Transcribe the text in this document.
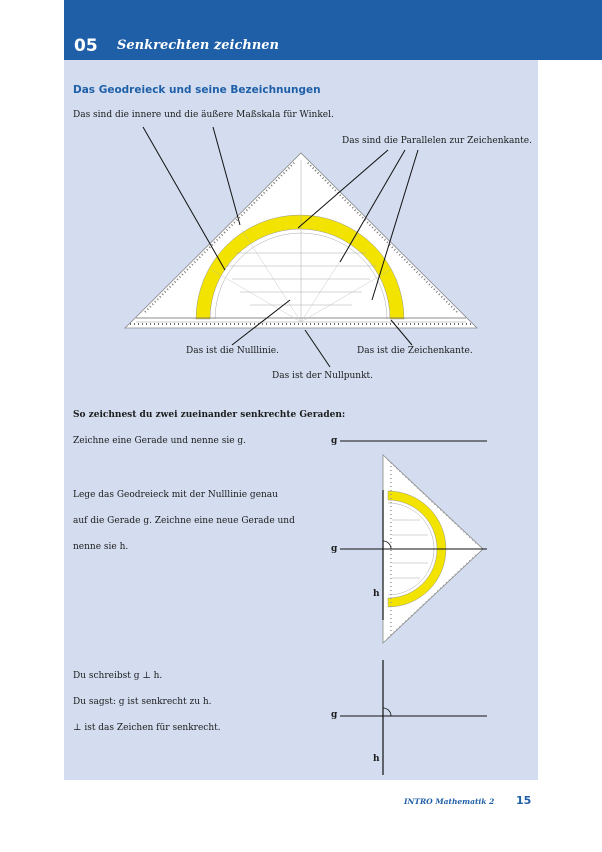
05 Senkrechten zeichnen
Das Geodreieck und seine Bezeichnungen
Das sind die innere und die äußere Maßskala für Winkel.
Das sind die Parallelen zur Zeichenkante.
Das ist die Nulllinie.	Das ist die Zeichenkante.
Das ist der Nullpunkt.
So zeichnest du zwei zueinander senkrechte Geraden:
Zeichne eine Gerade und nenne sie g.	g
Lege das Geodreieck mit der Nulllinie genau
auf die Gerade g. Zeichne eine neue Gerade und
nenne sie h.	g
h
Du schreibst g ⊥ h.
Du sagst: g ist senkrecht zu h.
⊥ ist das Zeichen für senkrecht.
g
h
INTRO Mathematik 2 15
